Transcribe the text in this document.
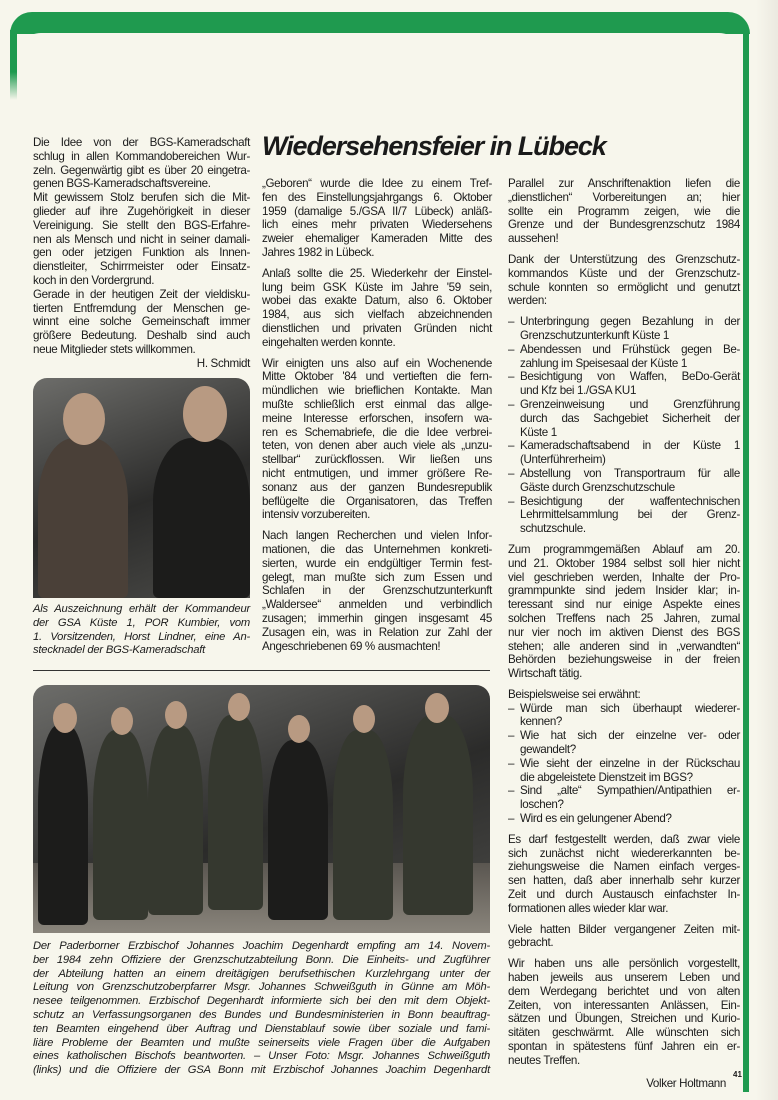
Wiedersehensfeier in Lübeck
Die Idee von der BGS-Kameradschaft
schlug in allen Kommandobereichen Wur-
zeln. Gegenwärtig gibt es über 20 eingetra-
genen BGS-Kameradschaftsvereine.
Mit gewissem Stolz berufen sich die Mit-
glieder auf ihre Zugehörigkeit in dieser
Vereinigung. Sie stellt den BGS-Erfahre-
nen als Mensch und nicht in seiner damali-
gen oder jetzigen Funktion als Innen-
dienstleiter, Schirrmeister oder Einsatz-
koch in den Vordergrund.
Gerade in der heutigen Zeit der vieldisku-
tierten Entfremdung der Menschen ge-
winnt eine solche Gemeinschaft immer
größere Bedeutung. Deshalb sind auch
neue Mitglieder stets willkommen.
H. Schmidt
Als Auszeichnung erhält der Kommandeur
der GSA Küste 1, POR Kumbier, vom
1. Vorsitzenden, Horst Lindner, eine An-
stecknadel der BGS-Kameradschaft
„Geboren“ wurde die Idee zu einem Tref-
fen des Einstellungsjahrgangs 6. Oktober
1959 (damalige 5./GSA II/7 Lübeck) anläß-
lich eines mehr privaten Wiedersehens
zweier ehemaliger Kameraden Mitte des
Jahres 1982 in Lübeck.
Anlaß sollte die 25. Wiederkehr der Einstel-
lung beim GSK Küste im Jahre '59 sein,
wobei das exakte Datum, also 6. Oktober
1984, aus sich vielfach abzeichnenden
dienstlichen und privaten Gründen nicht
eingehalten werden konnte.
Wir einigten uns also auf ein Wochenende
Mitte Oktober '84 und vertieften die fern-
mündlichen wie brieflichen Kontakte. Man
mußte schließlich erst einmal das allge-
meine Interesse erforschen, insofern wa-
ren es Schemabriefe, die die Idee verbrei-
teten, von denen aber auch viele als „unzu-
stellbar“ zurückflossen. Wir ließen uns
nicht entmutigen, und immer größere Re-
sonanz aus der ganzen Bundesrepublik
beflügelte die Organisatoren, das Treffen
intensiv vorzubereiten.
Nach langen Recherchen und vielen Infor-
mationen, die das Unternehmen konkreti-
sierten, wurde ein endgültiger Termin fest-
gelegt, man mußte sich zum Essen und
Schlafen in der Grenzschutzunterkunft
„Waldersee“ anmelden und verbindlich
zusagen; immerhin gingen insgesamt 45
Zusagen ein, was in Relation zur Zahl der
Angeschriebenen 69 % ausmachten!
Parallel zur Anschriftenaktion liefen die
„dienstlichen“ Vorbereitungen an; hier
sollte ein Programm zeigen, wie die
Grenze und der Bundesgrenzschutz 1984
aussehen!
Dank der Unterstützung des Grenzschutz-
kommandos Küste und der Grenzschutz-
schule konnten so ermöglicht und genutzt
werden:
– Unterbringung gegen Bezahlung in der
Grenzschutzunterkunft Küste 1
– Abendessen und Frühstück gegen Be-
zahlung im Speisesaal der Küste 1
– Besichtigung von Waffen, BeDo-Gerät
und Kfz bei 1./GSA KU1
– Grenzeinweisung und Grenzführung
durch das Sachgebiet Sicherheit der
Küste 1
– Kameradschaftsabend in der Küste 1
(Unterführerheim)
– Abstellung von Transportraum für alle
Gäste durch Grenzschutzschule
– Besichtigung der waffentechnischen
Lehrmittelsammlung bei der Grenz-
schutzschule.
Zum programmgemäßen Ablauf am 20.
und 21. Oktober 1984 selbst soll hier nicht
viel geschrieben werden, Inhalte der Pro-
grammpunkte sind jedem Insider klar; in-
teressant sind nur einige Aspekte eines
solchen Treffens nach 25 Jahren, zumal
nur vier noch im aktiven Dienst des BGS
stehen; alle anderen sind in „verwandten“
Behörden beziehungsweise in der freien
Wirtschaft tätig.
Beispielsweise sei erwähnt:
– Würde man sich überhaupt wiederer-
kennen?
– Wie hat sich der einzelne ver- oder
gewandelt?
– Wie sieht der einzelne in der Rückschau
die abgeleistete Dienstzeit im BGS?
– Sind „alte“ Sympathien/Antipathien er-
loschen?
– Wird es ein gelungener Abend?
Es darf festgestellt werden, daß zwar viele
sich zunächst nicht wiedererkannten be-
ziehungsweise die Namen einfach verges-
sen hatten, daß aber innerhalb sehr kurzer
Zeit und durch Austausch einfachster In-
formationen alles wieder klar war.
Viele hatten Bilder vergangener Zeiten mit-
gebracht.
Wir haben uns alle persönlich vorgestellt,
haben jeweils aus unserem Leben und
dem Werdegang berichtet und von alten
Zeiten, von interessanten Anlässen, Ein-
sätzen und Übungen, Streichen und Kurio-
sitäten geschwärmt. Alle wünschten sich
spontan in spätestens fünf Jahren ein er-
neutes Treffen.
Volker Holtmann
Der Paderborner Erzbischof Johannes Joachim Degenhardt empfing am 14. Novem-
ber 1984 zehn Offiziere der Grenzschutzabteilung Bonn. Die Einheits- und Zugführer
der Abteilung hatten an einem dreitägigen berufsethischen Kurzlehrgang unter der
Leitung von Grenzschutzoberpfarrer Msgr. Johannes Schweißguth in Günne am Möh-
nesee teilgenommen. Erzbischof Degenhardt informierte sich bei den mit dem Objekt-
schutz an Verfassungsorganen des Bundes und Bundesministerien in Bonn beauftrag-
ten Beamten eingehend über Auftrag und Dienstablauf sowie über soziale und fami-
liäre Probleme der Beamten und mußte seinerseits viele Fragen über die Aufgaben
eines katholischen Bischofs beantworten. – Unser Foto: Msgr. Johannes Schweißguth
(links) und die Offiziere der GSA Bonn mit Erzbischof Johannes Joachim Degenhardt	41
